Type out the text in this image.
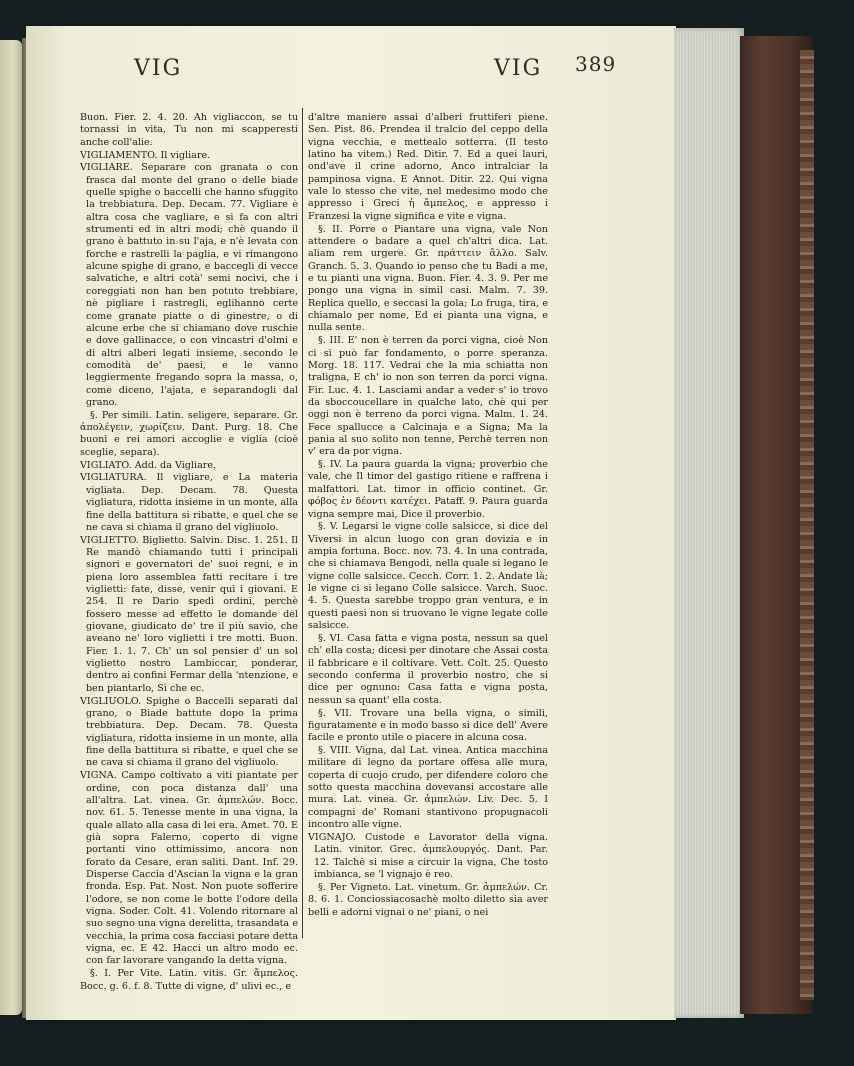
VIG	VIG 389

Buon. Fier. 2. 4. 20. Ah vigliaccon, se tu tornassi in vita, Tu non mi scapperesti anche coll'alie.

VIGLIAMENTO. Il vigliare.

VIGLIARE. Separare con granata o con frasca dal monte del grano o delle biade quelle spighe o baccelli che hanno sfuggito la trebbiatura. Dep. Decam. 77. Vigliare è altra cosa che vagliare, e si fa con altri strumenti ed in altri modi; chè quando il grano è battuto in su l'aja, e n'è levata con forche e rastrelli la paglia, e vi rimangono alcune spighe di grano, e baccegli di vecce salvatiche, e altri cotà' semi nocivi, che i coreggiati non han ben potuto trebbiare, nè pigliare i rastregli, eglihanno certe come granate piatte o di ginestre, o di alcune erbe che si chiamano dove ruschie e dove gallinacce, o con vincastri d'olmi e di altri alberi legati insieme, secondo le comodità de' paesi, e le vanno leggiermente fregando sopra la massa, o, come diceno, l'ajata, e separandogli dal grano.

§. Per simili. Latin. seligere, separare. Gr. ἀπολέγειν, χωρίζειν. Dant. Purg. 18. Che buoni e rei amori accoglie e viglia (cioè sceglie, separa).

VIGLIATO. Add. da Vigliare.

VIGLIATURA. Il vigliare, e La materia vigliata. Dep. Decam. 78. Questa vigliatura, ridotta insieme in un monte, alla fine della battitura si ribatte, e quel che se ne cava si chiama il grano del vigliuolo.

VIGLIETTO. Biglietto. Salvin. Disc. 1. 251. Il Re mandò chiamando tutti i principali signori e governatori de' suoi regni, e in piena loro assemblea fatti recitare i tre viglietti: fate, disse, venir qui i giovani. E 254. Il re Dario spedì ordini, perchè fossero messe ad effetto le domande del giovane, giudicato de' tre il più savio, che aveano ne' loro viglietti i tre motti. Buon. Fier. 1. 1. 7. Ch' un sol pensier d' un sol viglietto nostro Lambiccar, ponderar, dentro ai confini Fermar della 'ntenzione, e ben piantarlo, Sì che ec.

VIGLIUOLO. Spighe o Baccelli separati dal grano, o Biade battute dopo la prima trebbiatura. Dep. Decam. 78. Questa vigliatura, ridotta insieme in un monte, alla fine della battitura si ribatte, e quel che se ne cava si chiama il grano del vigliuolo.

VIGNA. Campo coltivato a viti piantate per ordine, con poca distanza dall' una all'altra. Lat. vinea. Gr. ἀμπελών. Bocc. nov. 61. 5. Tenesse mente in una vigna, la quale allato alla casa di lei era. Amet. 70. E già sopra Falerno, coperto di vigne portanti vino ottimissimo, ancora non forato da Cesare, eran saliti. Dant. Inf. 29. Disperse Caccia d'Ascian la vigna e la gran fronda. Esp. Pat. Nost. Non puote sofferire l'odore, se non come le botte l'odore della vigna. Soder. Colt. 41. Volendo ritornare al suo segno una vigna derelitta, trasandata e vecchia, la prima cosa facciasi potare detta vigna, ec. E 42. Hacci un altro modo ec. con far lavorare vangando la detta vigna.

§. I. Per Vite. Latin. vitis. Gr. ἄμπελος. Bocc. g. 6. f. 8. Tutte di vigne, d' ulivi ec., e

d'altre maniere assai d'alberi fruttiferi piene. Sen. Pist. 86. Prendea il tralcio del ceppo della vigna vecchia, e mettealo sotterra. (Il testo latino ha vitem.) Red. Ditir. 7. Ed a quei lauri, ond'ave il crine adorno, Anco intralciar la pampinosa vigna. E Annot. Ditir. 22. Qui vigna vale lo stesso che vite, nel medesimo modo che appresso i Greci ἡ ἄμπελος, e appresso i Franzesi la vigne significa e vite e vigna.

§. II. Porre o Piantare una vigna, vale Non attendere o badare a quel ch'altri dica. Lat. aliam rem urgere. Gr. πράττειν ἄλλο. Salv. Granch. 5. 3. Quando io penso che tu Badi a me, e tu pianti una vigna. Buon. Fier. 4. 3. 9. Per me pongo una vigna in simil casi. Malm. 7. 39. Replica quello, e seccasi la gola; Lo fruga, tira, e chiamalo per nome, Ed ei pianta una vigna, e nulla sente.

§. III. E' non è terren da porci vigna, cioè Non ci si può far fondamento, o porre speranza. Morg. 18. 117. Vedrai che la mia schiatta non traligna, E ch' io non son terren da porci vigna. Fir. Luc. 4. 1. Lasciami andar a veder s' io trovo da sboccoucellare in qualche lato, chè qui per oggi non è terreno da porci vigna. Malm. 1. 24. Fece spallucce a Calcinaja e a Signa; Ma la pania al suo solito non tenne, Perchè terren non v' era da por vigna.

§. IV. La paura guarda la vigna; proverbio che vale, che Il timor del gastigo ritiene e raffrena i malfattori. Lat. timor in officio continet. Gr. φόβος ἐν δέοντι κατέχει. Pataff. 9. Paura guarda vigna sempre mai, Dice il proverbio.

§. V. Legarsi le vigne colle salsicce, si dice del Viversi in alcun luogo con gran dovizia e in ampia fortuna. Bocc. nov. 73. 4. In una contrada, che si chiamava Bengodi, nella quale si legano le vigne colle salsicce. Cecch. Corr. 1. 2. Andate là; le vigne ci si legano Colle salsicce. Varch. Suoc. 4. 5. Questa sarebbe troppo gran ventura, e in questi paesi non si truovano le vigne legate colle salsicce.

§. VI. Casa fatta e vigna posta, nessun sa quel ch' ella costa; dicesi per dinotare che Assai costa il fabbricare e il coltivare. Vett. Colt. 25. Questo secondo conferma il proverbio nostro, che si dice per ognuno: Casa fatta e vigna posta, nessun sa quant' ella costa.

§. VII. Trovare una bella vigna, o simili, figuratamente e in modo basso si dice dell' Avere facile e pronto utile o piacere in alcuna cosa.

§. VIII. Vigna, dal Lat. vinea. Antica macchina militare di legno da portare offesa alle mura, coperta di cuojo crudo, per difendere coloro che sotto questa macchina dovevansi accostare alle mura. Lat. vinea. Gr. ἀμπελών. Liv. Dec. 5. I compagni de' Romani stantivono propugnacoli incontro alle vigne.

VIGNAJO. Custode e Lavorator della vigna. Latin. vinitor. Grec. ἀμπελουργός. Dant. Par. 12. Talchè si mise a circuir la vigna, Che tosto imbianca, se 'l vignajo è reo.

§. Per Vigneto. Lat. vinetum. Gr. ἀμπελών. Cr. 8. 6. 1. Conciossiacosachè molto diletto sia aver belli e adorni vignai o ne' piani, o nei
